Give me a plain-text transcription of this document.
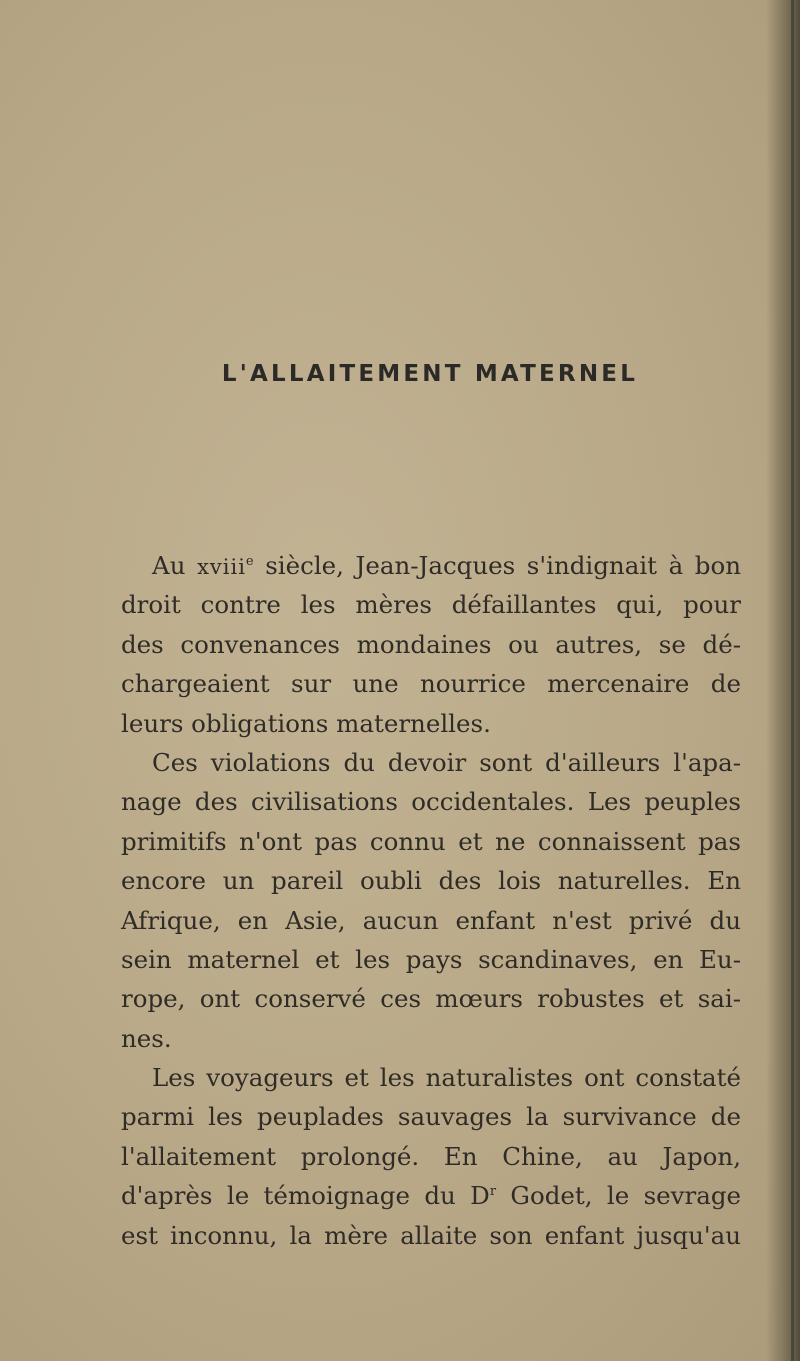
L'ALLAITEMENT MATERNEL
Au xviii$^e$ siècle, Jean-Jacques s'indignait à bon
droit contre les mères défaillantes qui, pour
des convenances mondaines ou autres, se dé-
chargeaient sur une nourrice mercenaire de
leurs obligations maternelles.
Ces violations du devoir sont d'ailleurs l'apa-
nage des civilisations occidentales. Les peuples
primitifs n'ont pas connu et ne connaissent pas
encore un pareil oubli des lois naturelles. En
Afrique, en Asie, aucun enfant n'est privé du
sein maternel et les pays scandinaves, en Eu-
rope, ont conservé ces mœurs robustes et sai-
nes.
Les voyageurs et les naturalistes ont constaté
parmi les peuplades sauvages la survivance de
l'allaitement prolongé. En Chine, au Japon,
d'après le témoignage du $D^r$ Godet, le sevrage
est inconnu, la mère allaite son enfant jusqu'au
